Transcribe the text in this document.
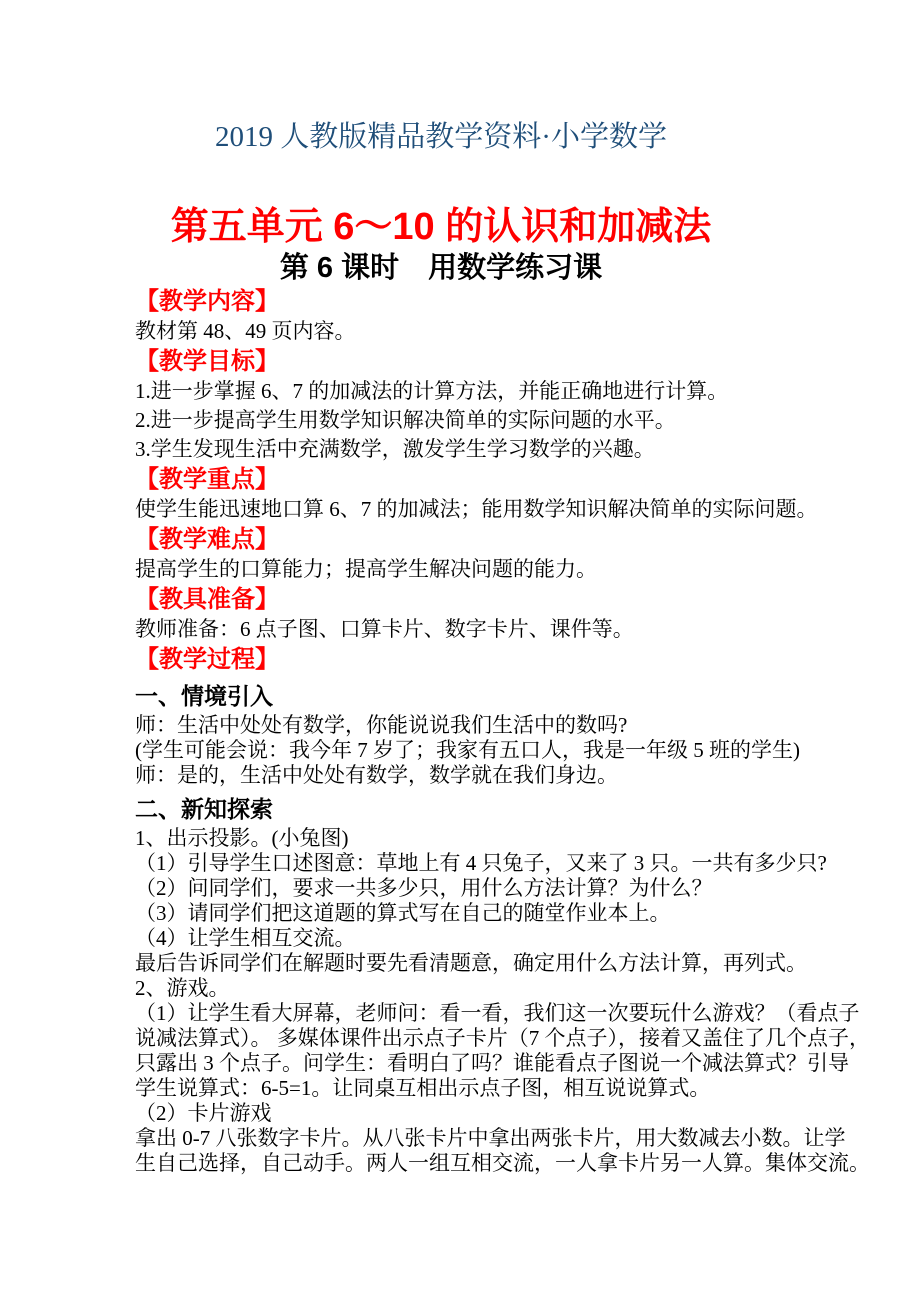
2019 人教版精品教学资料·小学数学
第五单元 6～10 的认识和加减法
第 6 课时　用数学练习课
【教学内容】
教材第 48、49 页内容。
【教学目标】
1.进一步掌握 6、7 的加减法的计算方法，并能正确地进行计算。
2.进一步提高学生用数学知识解决简单的实际问题的水平。
3.学生发现生活中充满数学，激发学生学习数学的兴趣。
【教学重点】
使学生能迅速地口算 6、7 的加减法；能用数学知识解决简单的实际问题。
【教学难点】
提高学生的口算能力；提高学生解决问题的能力。
【教具准备】
教师准备：6 点子图、口算卡片、数字卡片、课件等。
【教学过程】
一、情境引入
师：生活中处处有数学，你能说说我们生活中的数吗?
(学生可能会说：我今年 7 岁了；我家有五口人，我是一年级 5 班的学生)
师：是的，生活中处处有数学，数学就在我们身边。
二、新知探索
1、出示投影。(小兔图)
（1）引导学生口述图意：草地上有 4 只兔子，又来了 3 只。一共有多少只?
（2）问同学们，要求一共多少只，用什么方法计算？为什么？
（3）请同学们把这道题的算式写在自己的随堂作业本上。
（4）让学生相互交流。
最后告诉同学们在解题时要先看清题意，确定用什么方法计算，再列式。
2、游戏。
（1）让学生看大屏幕，老师问：看一看，我们这一次要玩什么游戏？（看点子
说减法算式）。 多媒体课件出示点子卡片（7 个点子），接着又盖住了几个点子，
只露出 3 个点子。问学生：看明白了吗？谁能看点子图说一个减法算式？引导
学生说算式：6-5=1。让同桌互相出示点子图，相互说说算式。
（2）卡片游戏
拿出 0-7 八张数字卡片。从八张卡片中拿出两张卡片，用大数减去小数。让学
生自己选择，自己动手。两人一组互相交流，一人拿卡片另一人算。集体交流。
